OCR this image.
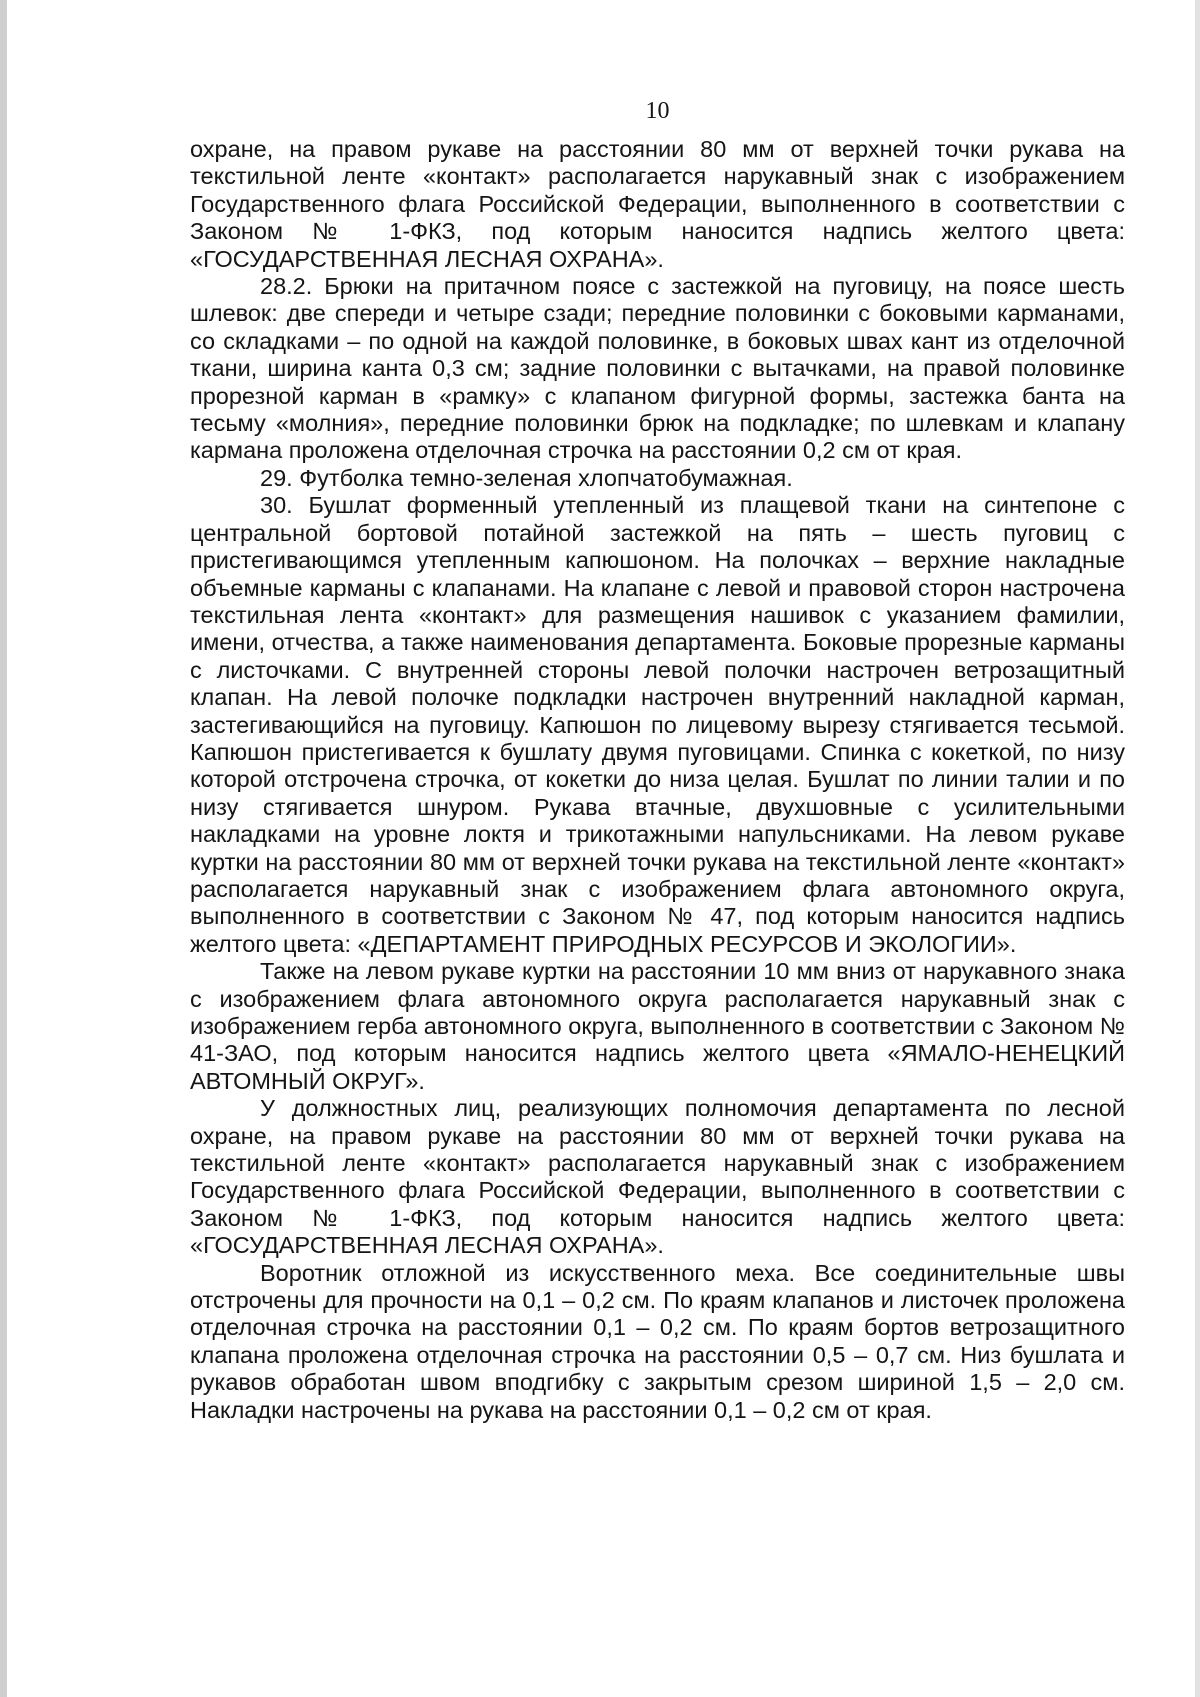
10

охране, на правом рукаве на расстоянии 80 мм от верхней точки рукава на текстильной ленте «контакт» располагается нарукавный знак с изображением Государственного флага Российской Федерации, выполненного в соответствии с Законом № 1-ФКЗ, под которым наносится надпись желтого цвета: «ГОСУДАРСТВЕННАЯ ЛЕСНАЯ ОХРАНА».

28.2. Брюки на притачном поясе с застежкой на пуговицу, на поясе шесть шлевок: две спереди и четыре сзади; передние половинки с боковыми карманами, со складками – по одной на каждой половинке, в боковых швах кант из отделочной ткани, ширина канта 0,3 см; задние половинки с вытачками, на правой половинке прорезной карман в «рамку» с клапаном фигурной формы, застежка банта на тесьму «молния», передние половинки брюк на подкладке; по шлевкам и клапану кармана проложена отделочная строчка на расстоянии 0,2 см от края.

29. Футболка темно-зеленая хлопчатобумажная.

30. Бушлат форменный утепленный из плащевой ткани на синтепоне с центральной бортовой потайной застежкой на пять – шесть пуговиц с пристегивающимся утепленным капюшоном. На полочках – верхние накладные объемные карманы с клапанами. На клапане с левой и правовой сторон настрочена текстильная лента «контакт» для размещения нашивок с указанием фамилии, имени, отчества, а также наименования департамента. Боковые прорезные карманы с листочками. С внутренней стороны левой полочки настрочен ветрозащитный клапан. На левой полочке подкладки настрочен внутренний накладной карман, застегивающийся на пуговицу. Капюшон по лицевому вырезу стягивается тесьмой. Капюшон пристегивается к бушлату двумя пуговицами. Спинка с кокеткой, по низу которой отстрочена строчка, от кокетки до низа целая. Бушлат по линии талии и по низу стягивается шнуром. Рукава втачные, двухшовные с усилительными накладками на уровне локтя и трикотажными напульсниками. На левом рукаве куртки на расстоянии 80 мм от верхней точки рукава на текстильной ленте «контакт» располагается нарукавный знак с изображением флага автономного округа, выполненного в соответствии с Законом № 47, под которым наносится надпись желтого цвета: «ДЕПАРТАМЕНТ ПРИРОДНЫХ РЕСУРСОВ И ЭКОЛОГИИ».

Также на левом рукаве куртки на расстоянии 10 мм вниз от нарукавного знака с изображением флага автономного округа располагается нарукавный знак с изображением герба автономного округа, выполненного в соответствии с Законом № 41-ЗАО, под которым наносится надпись желтого цвета «ЯМАЛО-НЕНЕЦКИЙ АВТОМНЫЙ ОКРУГ».

У должностных лиц, реализующих полномочия департамента по лесной охране, на правом рукаве на расстоянии 80 мм от верхней точки рукава на текстильной ленте «контакт» располагается нарукавный знак с изображением Государственного флага Российской Федерации, выполненного в соответствии с Законом № 1-ФКЗ, под которым наносится надпись желтого цвета: «ГОСУДАРСТВЕННАЯ ЛЕСНАЯ ОХРАНА».

Воротник отложной из искусственного меха. Все соединительные швы отстрочены для прочности на 0,1 – 0,2 см. По краям клапанов и листочек проложена отделочная строчка на расстоянии 0,1 – 0,2 см. По краям бортов ветрозащитного клапана проложена отделочная строчка на расстоянии 0,5 – 0,7 см. Низ бушлата и рукавов обработан швом вподгибку с закрытым срезом шириной 1,5 – 2,0 см. Накладки настрочены на рукава на расстоянии 0,1 – 0,2 см от края.
